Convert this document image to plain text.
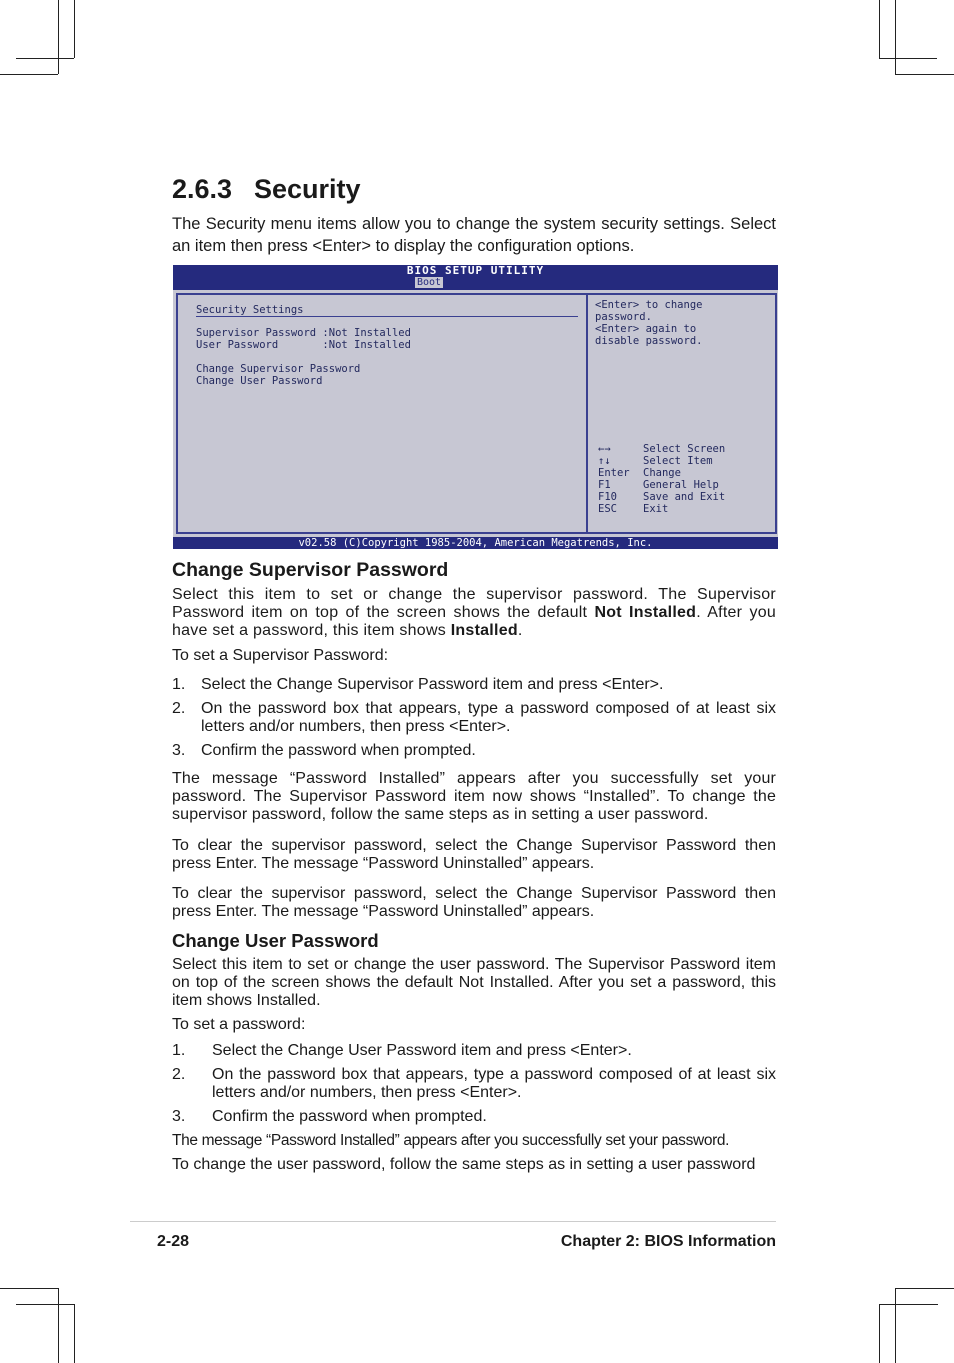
2.6.3 Security

The Security menu items allow you to change the system security settings. Select an item then press <Enter> to display the configuration options.

BIOS SETUP UTILITY
Boot
Security Settings
Supervisor Password :Not Installed
User Password       :Not Installed
Change Supervisor Password
Change User Password
<Enter> to change
password.
<Enter> again to
disable password.
←→	Select Screen
↑↓	Select Item
Enter Change
F1	General Help
F10 Save and Exit
ESC Exit
v02.58 (C)Copyright 1985-2004, American Megatrends, Inc.
Change Supervisor Password

Select this item to set or change the supervisor password. The Supervisor Password item on top of the screen shows the default Not Installed. After you have set a password, this item shows Installed.

To set a Supervisor Password:

1. Select the Change Supervisor Password item and press <Enter>.
2. On the password box that appears, type a password composed of at least six letters and/or numbers, then press <Enter>.
3. Confirm the password when prompted.

The message “Password Installed” appears after you successfully set your password. The Supervisor Password item now shows “Installed”. To change the supervisor password, follow the same steps as in setting a user password.

To clear the supervisor password, select the Change Supervisor Password then press Enter. The message “Password Uninstalled” appears.

To clear the supervisor password, select the Change Supervisor Password then press Enter. The message “Password Uninstalled” appears.

Change User Password

Select this item to set or change the user password. The Supervisor Password item on top of the screen shows the default Not Installed. After you set a password, this item shows Installed.

To set a password:

1. Select the Change User Password item and press <Enter>.
2. On the password box that appears, type a password composed of at least six letters and/or numbers, then press <Enter>.
3. Confirm the password when prompted.

The message “Password Installed” appears after you successfully set your password.

To change the user password, follow the same steps as in setting a user password

2-28	Chapter 2: BIOS Information
